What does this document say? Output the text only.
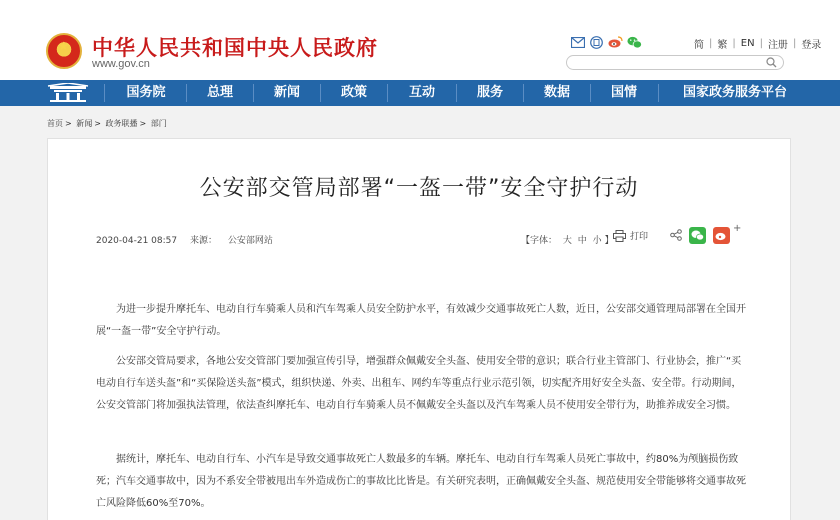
★ 中华人民共和国中央人民政府
www.gov.cn
简 | 繁 | EN | 注册 | 登录
国务院	总理	新闻	政策	互动	服务	数据	国情	国家政务服务平台
首页 > 新闻 > 政务联播 > 部门
公安部交管局部署“一盔一带”安全守护行动
2020-04-21 08:57 来源： 公安部网站	【字体： 大 中 小 】 打印
+
　　为进一步提升摩托车、电动自行车骑乘人员和汽车驾乘人员安全防护水平，有效减少交通事故死亡人数，近日，公安部交通管理局部署在全国开展“一盔一带”安全守护行动。
　　公安部交管局要求，各地公安交管部门要加强宣传引导，增强群众佩戴安全头盔、使用安全带的意识；联合行业主管部门、行业协会，推广“买电动自行车送头盔”和“买保险送头盔”模式，组织快递、外卖、出租车、网约车等重点行业示范引领，切实配齐用好安全头盔、安全带。行动期间，公安交管部门将加强执法管理，依法查纠摩托车、电动自行车骑乘人员不佩戴安全头盔以及汽车驾乘人员不使用安全带行为，助推养成安全习惯。
　　据统计，摩托车、电动自行车、小汽车是导致交通事故死亡人数最多的车辆。摩托车、电动自行车驾乘人员死亡事故中，约80%为颅脑损伤致死；汽车交通事故中，因为不系安全带被甩出车外造成伤亡的事故比比皆是。有关研究表明，正确佩戴安全头盔、规范使用安全带能够将交通事故死亡风险降低60%至70%。
